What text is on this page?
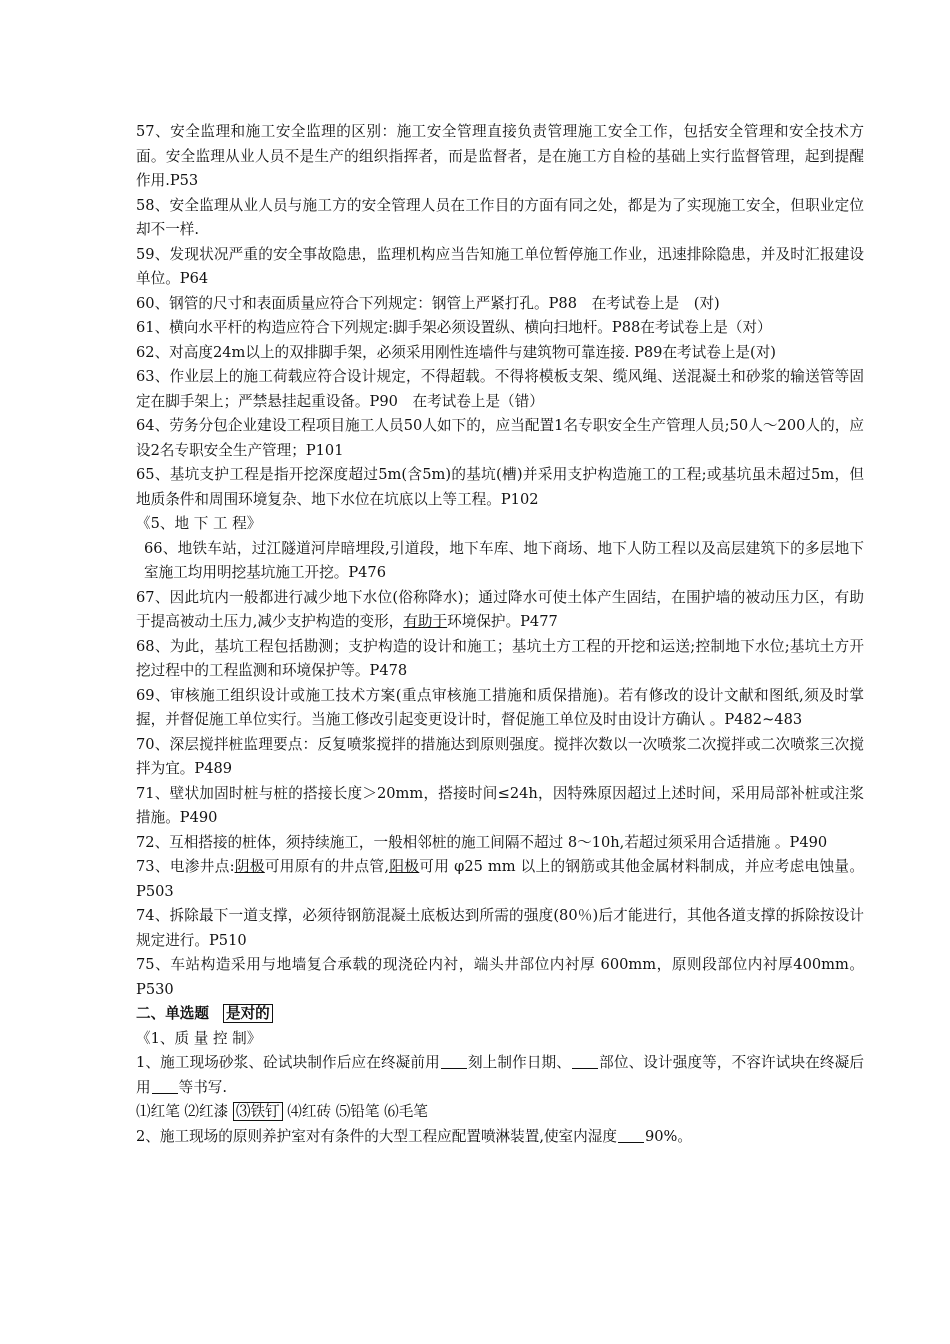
57、安全监理和施工安全监理的区别：施工安全管理直接负责管理施工安全工作，包括安全管理和安全技术方面。安全监理从业人员不是生产的组织指挥者，而是监督者，是在施工方自检的基础上实行监督管理，起到提醒作用.P53

58、安全监理从业人员与施工方的安全管理人员在工作目的方面有同之处，都是为了实现施工安全，但职业定位却不一样.

59、发现状况严重的安全事故隐患，监理机构应当告知施工单位暂停施工作业，迅速排除隐患，并及时汇报建设单位。P64

60、钢管的尺寸和表面质量应符合下列规定：钢管上严紧打孔。P88　在考试卷上是　(对)

61、横向水平杆的构造应符合下列规定:脚手架必须设置纵、横向扫地杆。P88在考试卷上是（对）

62、对高度24m以上的双排脚手架，必须采用刚性连墙件与建筑物可靠连接. P89在考试卷上是(对)

63、作业层上的施工荷载应符合设计规定，不得超载。不得将模板支架、缆风绳、送混凝土和砂浆的输送管等固定在脚手架上；严禁悬挂起重设备。P90　在考试卷上是（错）

64、劳务分包企业建设工程项目施工人员50人如下的，应当配置1名专职安全生产管理人员;50人～200人的，应设2名专职安全生产管理；P101

65、基坑支护工程是指开挖深度超过5m(含5m)的基坑(槽)并采用支护构造施工的工程;或基坑虽未超过5m，但地质条件和周围环境复杂、地下水位在坑底以上等工程。P102

《5、地 下 工 程》

66、地铁车站，过江隧道河岸暗埋段,引道段，地下车库、地下商场、地下人防工程以及高层建筑下的多层地下室施工均用明挖基坑施工开挖。P476

67、因此坑内一般都进行减少地下水位(俗称降水)；通过降水可使土体产生固结，在围护墙的被动压力区，有助于提高被动土压力,减少支护构造的变形，有助于环境保护。P477

68、为此，基坑工程包括勘测；支护构造的设计和施工；基坑土方工程的开挖和运送;控制地下水位;基坑土方开挖过程中的工程监测和环境保护等。P478

69、审核施工组织设计或施工技术方案(重点审核施工措施和质保措施)。若有修改的设计文献和图纸,须及时掌握，并督促施工单位实行。当施工修改引起变更设计时，督促施工单位及时由设计方确认 。P482~483

70、深层搅拌桩监理要点：反复喷浆搅拌的措施达到原则强度。搅拌次数以一次喷浆二次搅拌或二次喷浆三次搅拌为宜。P489

71、壁状加固时桩与桩的搭接长度＞20mm，搭接时间≤24h，因特殊原因超过上述时间，采用局部补桩或注浆措施。P490

72、互相搭接的桩体，须持续施工，一般相邻桩的施工间隔不超过 8～10h,若超过须采用合适措施 。P490

73、电渗井点:阴极可用原有的井点管,阳极可用 φ25 mm 以上的钢筋或其他金属材料制成，并应考虑电蚀量。P503

74、拆除最下一道支撑，必须待钢筋混凝土底板达到所需的强度(80％)后才能进行，其他各道支撑的拆除按设计规定进行。P510

75、车站构造采用与地墙复合承载的现浇砼内衬，端头井部位内衬厚 600mm，原则段部位内衬厚400mm。P530

二、单选题 是对的

《1、质 量 控 制》

1、施工现场砂浆、砼试块制作后应在终凝前用 刻上制作日期、 部位、设计强度等，不容许试块在终凝后用 等书写.

⑴红笔 ⑵红漆 ⑶铁钉 ⑷红砖 ⑸铅笔 ⑹毛笔

2、施工现场的原则养护室对有条件的大型工程应配置喷淋装置,使室内湿度 90%。
